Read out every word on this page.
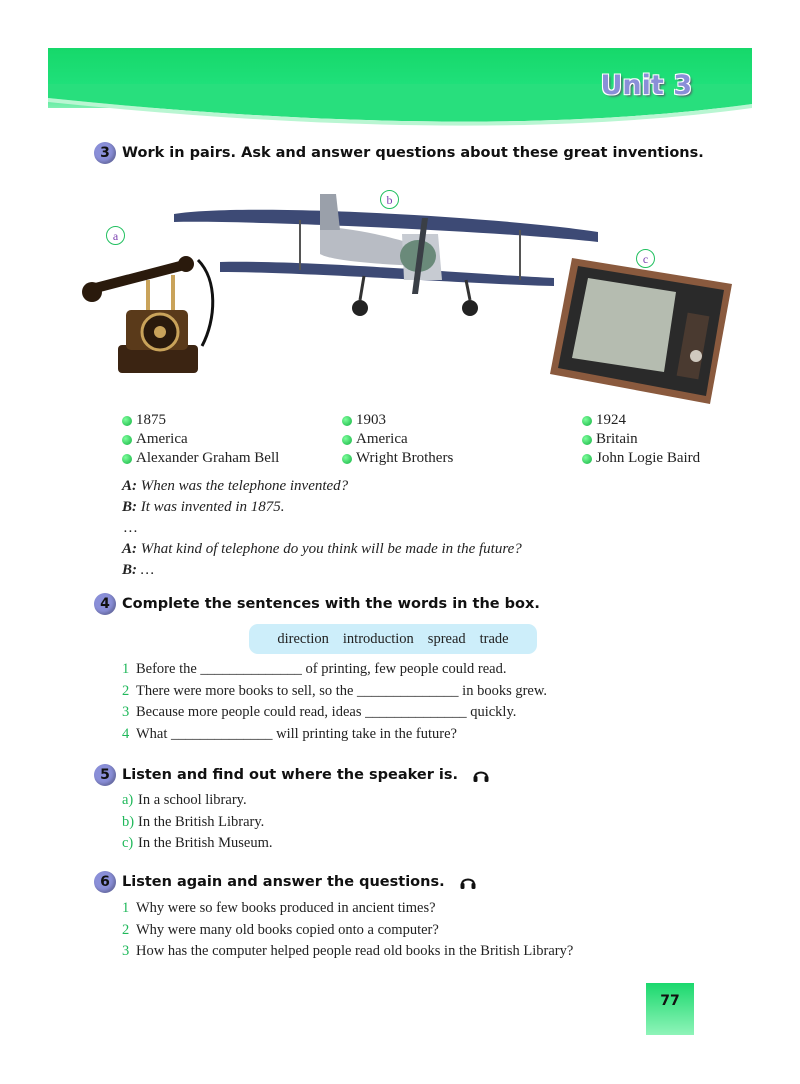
Unit 3
3 Work in pairs. Ask and answer questions about these great inventions.
a
b
c
1875
America
Alexander Graham Bell
1903
America
Wright Brothers
1924
Britain
John Logie Baird
A: When was the telephone invented?
B: It was invented in 1875.
…
A: What kind of telephone do you think will be made in the future?
B: …
4 Complete the sentences with the words in the box.
direction introduction spread trade
1 Before the ______________ of printing, few people could read.
2 There were more books to sell, so the ______________ in books grew.
3 Because more people could read, ideas ______________ quickly.
4 What ______________ will printing take in the future?
5 Listen and find out where the speaker is.
a) In a school library.
b) In the British Library.
c) In the British Museum.
6 Listen again and answer the questions.
1 Why were so few books produced in ancient times?
2 Why were many old books copied onto a computer?
3 How has the computer helped people read old books in the British Library?
77
